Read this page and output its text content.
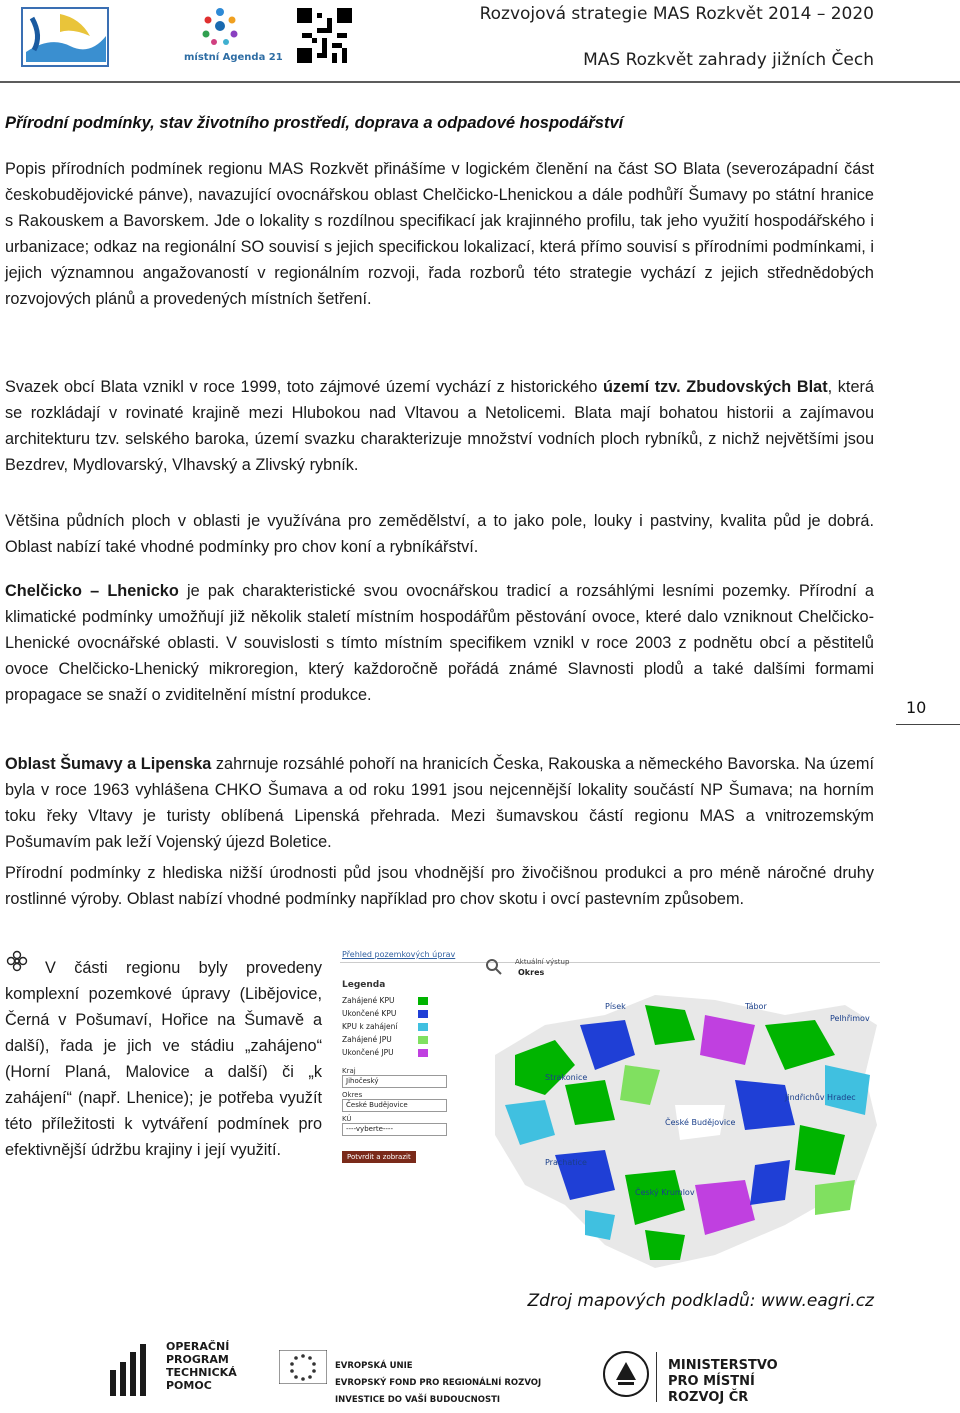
místní Agenda 21
Rozvojová strategie MAS Rozkvět 2014 – 2020
MAS Rozkvět zahrady jižních Čech
Přírodní podmínky, stav životního prostředí, doprava a odpadové hospodářství
Popis přírodních podmínek regionu MAS Rozkvět přinášíme v logickém členění na část SO Blata (severozápadní část českobudějovické pánve), navazující ovocnářskou oblast Chelčicko-Lhenickou a dále podhůří Šumavy po státní hranice s Rakouskem a Bavorskem. Jde o lokality s rozdílnou specifikací jak krajinného profilu, tak jeho využití hospodářského i urbanizace; odkaz na regionální SO souvisí s jejich specifickou lokalizací, která přímo souvisí s přírodními podmínkami, i jejich významnou angažovaností v regionálním rozvoji, řada rozborů této strategie vychází z jejich střednědobých rozvojových plánů a provedených místních šetření.
Svazek obcí Blata vznikl v roce 1999, toto zájmové území vychází z historického území tzv. Zbudovských Blat, která se rozkládají v rovinaté krajině mezi Hlubokou nad Vltavou a Netolicemi. Blata mají bohatou historii a zajímavou architekturu tzv. selského baroka, území svazku charakterizuje množství vodních ploch rybníků, z nichž největšími jsou Bezdrev, Mydlovarský, Vlhavský a Zlivský rybník.
Většina půdních ploch v oblasti je využívána pro zemědělství, a to jako pole, louky i pastviny, kvalita půd je dobrá. Oblast nabízí také vhodné podmínky pro chov koní a rybníkářství.
Chelčicko – Lhenicko je pak charakteristické svou ovocnářskou tradicí a rozsáhlými lesními pozemky. Přírodní a klimatické podmínky umožňují již několik staletí místním hospodářům pěstování ovoce, které dalo vzniknout Chelčicko-Lhenické ovocnářské oblasti. V souvislosti s tímto místním specifikem vznikl v roce 2003 z podnětu obcí a pěstitelů ovoce Chelčicko-Lhenický mikroregion, který každoročně pořádá známé Slavnosti plodů a také dalšími formami propagace se snaží o zviditelnění místní produkce.
10
Oblast Šumavy a Lipenska zahrnuje rozsáhlé pohoří na hranicích Česka, Rakouska a německého Bavorska. Na území byla v roce 1963 vyhlášena CHKO Šumava a od roku 1991 jsou nejcennější lokality součástí NP Šumava; na horním toku řeky Vltavy je turisty oblíbená Lipenská přehrada. Mezi šumavskou částí regionu MAS a vnitrozemským Pošumavím pak leží Vojenský újezd Boletice.
Přírodní podmínky z hlediska nižší úrodnosti půd jsou vhodnější pro živočišnou produkci a pro méně náročné druhy rostlinné výroby. Oblast nabízí vhodné podmínky například pro chov skotu i ovcí pastevním způsobem.
V části regionu byly provedeny komplexní pozemkové úpravy (Libějovice, Černá v Pošumaví, Hořice na Šumavě a další), řada je jich ve stádiu „zahájeno“ (Horní Planá, Malovice a další) či „k zahájení“ (např. Lhenice); je potřeba využít této příležitosti k vytváření podmínek pro efektivnější údržbu krajiny i její využití.
Přehled pozemkových úprav
Aktuální výstup
Okres
Legenda
Zahájené KPU
Ukončené KPU
KPU k zahájení
Zahájené JPU
Ukončené JPU
Kraj
Jihočeský
Okres
České Budějovice
KÚ
----vyberte----
Potvrdit a zobrazit
Písek	Tábor
Pelhřimov
Strakonice
Jindřichův Hradec
Prachatice
České Budějovice
Český Krumlov
Zdroj mapových podkladů: www.eagri.cz
OPERAČNÍ
PROGRAM
TECHNICKÁ
POMOC
EVROPSKÁ UNIE
EVROPSKÝ FOND PRO REGIONÁLNÍ ROZVOJ
INVESTICE DO VAŠÍ BUDOUCNOSTI
MINISTERSTVO
PRO MÍSTNÍ
ROZVOJ ČR
